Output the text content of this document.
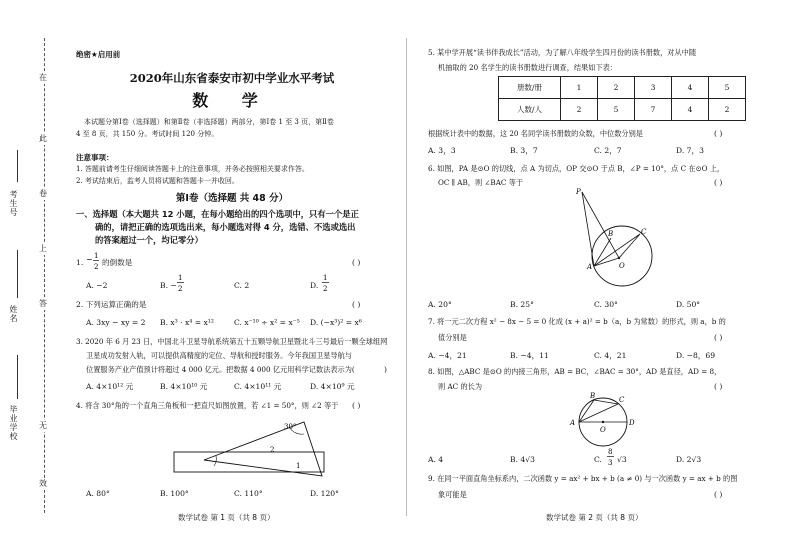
在
此
卷
上
答
无
效
考生号
姓名
毕业学校
绝密★启用前
2020年山东省泰安市初中学业水平考试
数 学
本试题分第Ⅰ卷（选择题）和第Ⅱ卷（非选择题）两部分，第Ⅰ卷 1 至 3 页，第Ⅱ卷
4 至 8 页，共 150 分。考试时间 120 分钟。
注意事项：
1. 答题前请考生仔细阅读答题卡上的注意事项，并务必按照相关要求作答。
2. 考试结束后，监考人员将试题和答题卡一并收回。
第Ⅰ卷（选择题 共 48 分）
一、选择题（本大题共 12 小题，在每小题给出的四个选项中，只有一个是正
确的，请把正确的选项选出来，每小题选对得 4 分，选错、不选或选出
的答案超过一个，均记零分）
1. − 1
2 的倒数是	( )
A. −2	B. −
1
2	C. 2	D.
1
2
2. 下列运算正确的是	( )
A. 3xy − xy = 2 B. x³ · x⁴ = x¹²	C. x⁻¹⁰ ÷ x² = x⁻⁵ D. (−x³)² = x⁶
3. 2020 年 6 月 23 日，中国北斗卫星导航系统第五十五颗导航卫星暨北斗三号最后一颗全球组网
卫星成功发射入轨，可以提供高精度的定位、导航和授时服务。今年我国卫星导航与
位置服务产业产值预计将超过 4 000 亿元。把数据 4 000 亿元用科学记数法表示为(	)
A. 4×10¹² 元	B. 4×10¹⁰ 元	C. 4×10¹¹ 元	D. 4×10⁹ 元
4. 将含 30°角的一个直角三角板和一把直尺如图放置，若 ∠1 = 50°，则 ∠2 等于 ( )
30°
1
2
A. 80°	B. 100°	C. 110°	D. 120°
数学试卷 第 1 页（共 8 页）
5. 某中学开展“读书伴我成长”活动，为了解八年级学生四月份的读书册数，对从中随
机抽取的 20 名学生的读书册数进行调查，结果如下表：
册数/册	1	2	3	4	5
人数/人	2	5	7	4	2
根据统计表中的数据，这 20 名同学读书册数的众数，中位数分别是	( )
A. 3，3	B. 3，7	C. 2，7	D. 7，3
6. 如图，PA 是⊙O 的切线，点 A 为切点，OP 交⊙O 于点 B，∠P = 10°，点 C 在⊙O 上，
OC ∥ AB，则 ∠BAC 等于	( )
P
A
B	C
O
A. 20°	B. 25°	C. 30°	D. 50°
7. 将一元二次方程 x² − 8x − 5 = 0 化成 (x + a)² = b（a，b 为常数）的形式，则 a，b 的
值分别是	( )
A. −4，21	B. −4，11	C. 4，21	D. −8，69
8. 如图，△ABC 是⊙O 的内接三角形，AB = BC，∠BAC = 30°，AD 是直径，AD = 8，
则 AC 的长为	( )
A
B	C
D
O
A. 4	B. 4√3	C.
8
3 √3	D. 2√3
9. 在同一平面直角坐标系内，二次函数 y = ax² + bx + b (a ≠ 0) 与一次函数 y = ax + b 的图
象可能是	( )
数学试卷 第 2 页（共 8 页）
